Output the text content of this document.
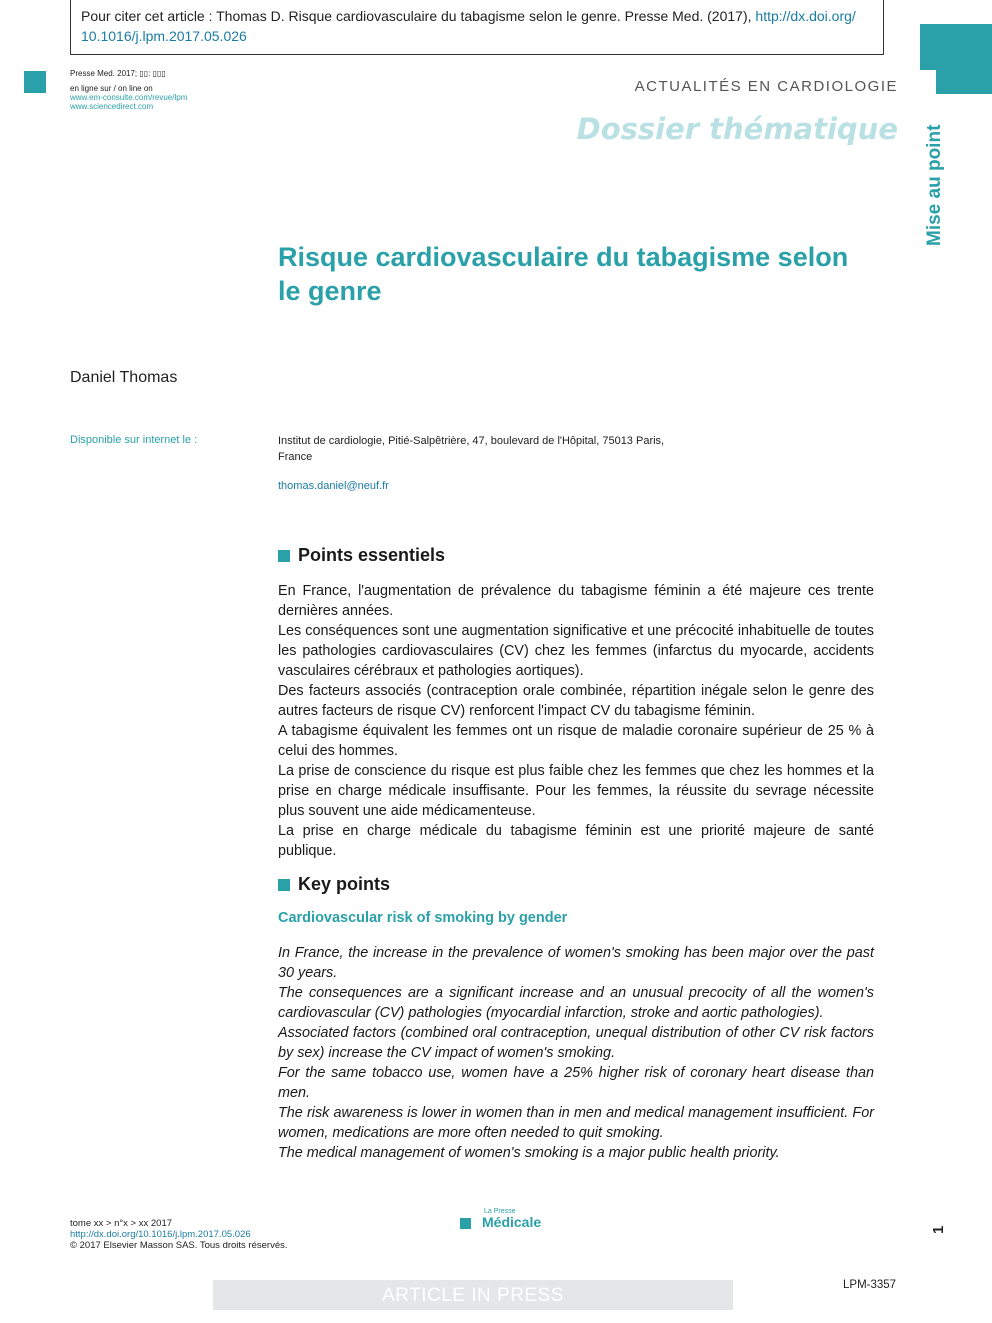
Pour citer cet article : Thomas D. Risque cardiovasculaire du tabagisme selon le genre. Presse Med. (2017), http://dx.doi.org/
10.1016/j.lpm.2017.05.026
Presse Med. 2017; ▯▯: ▯▯▯
en ligne sur / on line on
www.em-consulte.com/revue/lpm
www.sciencedirect.com
ACTUALITÉS EN CARDIOLOGIE
Dossier thématique Mise au point
Risque cardiovasculaire du tabagisme selon le genre
Daniel Thomas
Disponible sur internet le :	Institut de cardiologie, Pitié-Salpêtrière, 47, boulevard de l'Hôpital, 75013 Paris,
France
thomas.daniel@neuf.fr
Points essentiels

En France, l'augmentation de prévalence du tabagisme féminin a été majeure ces trente dernières années.

Les conséquences sont une augmentation significative et une précocité inhabituelle de toutes les pathologies cardiovasculaires (CV) chez les femmes (infarctus du myocarde, accidents vasculaires cérébraux et pathologies aortiques).

Des facteurs associés (contraception orale combinée, répartition inégale selon le genre des autres facteurs de risque CV) renforcent l'impact CV du tabagisme féminin.

A tabagisme équivalent les femmes ont un risque de maladie coronaire supérieur de 25 % à celui des hommes.

La prise de conscience du risque est plus faible chez les femmes que chez les hommes et la prise en charge médicale insuffisante. Pour les femmes, la réussite du sevrage nécessite plus souvent une aide médicamenteuse.

La prise en charge médicale du tabagisme féminin est une priorité majeure de santé publique.

Key points
Cardiovascular risk of smoking by gender

In France, the increase in the prevalence of women's smoking has been major over the past 30 years.

The consequences are a significant increase and an unusual precocity of all the women's cardiovascular (CV) pathologies (myocardial infarction, stroke and aortic pathologies).

Associated factors (combined oral contraception, unequal distribution of other CV risk factors by sex) increase the CV impact of women's smoking.

For the same tobacco use, women have a 25% higher risk of coronary heart disease than men.

The risk awareness is lower in women than in men and medical management insufficient. For women, medications are more often needed to quit smoking.

The medical management of women's smoking is a major public health priority.

tome xx > n°x > xx 2017
http://dx.doi.org/10.1016/j.lpm.2017.05.026
© 2017 Elsevier Masson SAS. Tous droits réservés.
La Presse
Médicale	1
ARTICLE IN PRESS	LPM-3357
